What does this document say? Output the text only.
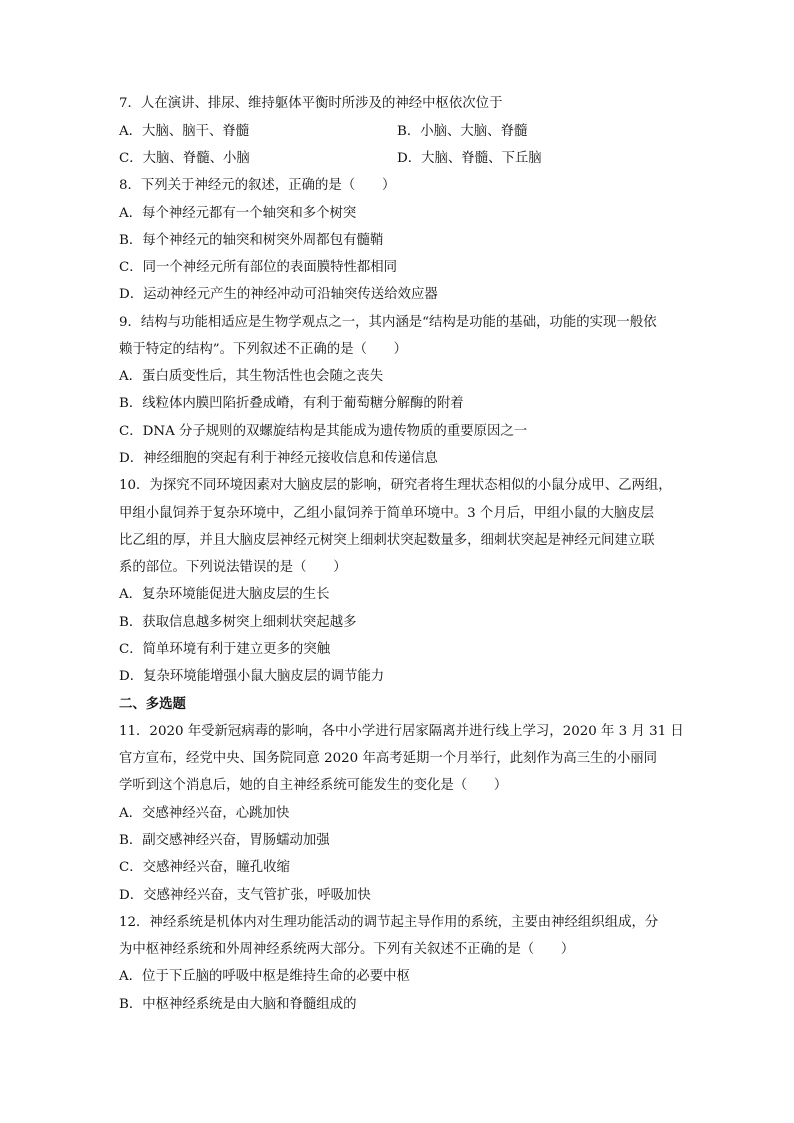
7．人在演讲、排尿、维持躯体平衡时所涉及的神经中枢依次位于
A．大脑、脑干、脊髓	B．小脑、大脑、脊髓
C．大脑、脊髓、小脑	D．大脑、脊髓、下丘脑
8．下列关于神经元的叙述，正确的是（　　）
A．每个神经元都有一个轴突和多个树突
B．每个神经元的轴突和树突外周都包有髓鞘
C．同一个神经元所有部位的表面膜特性都相同
D．运动神经元产生的神经冲动可沿轴突传送给效应器
9．结构与功能相适应是生物学观点之一，其内涵是“结构是功能的基础，功能的实现一般依
赖于特定的结构”。下列叙述不正确的是（　　）
A．蛋白质变性后，其生物活性也会随之丧失
B．线粒体内膜凹陷折叠成嵴，有利于葡萄糖分解酶的附着
C．DNA 分子规则的双螺旋结构是其能成为遗传物质的重要原因之一
D．神经细胞的突起有利于神经元接收信息和传递信息
10．为探究不同环境因素对大脑皮层的影响，研究者将生理状态相似的小鼠分成甲、乙两组，
甲组小鼠饲养于复杂环境中，乙组小鼠饲养于简单环境中。3 个月后，甲组小鼠的大脑皮层
比乙组的厚，并且大脑皮层神经元树突上细刺状突起数量多，细刺状突起是神经元间建立联
系的部位。下列说法错误的是（　　）
A．复杂环境能促进大脑皮层的生长
B．获取信息越多树突上细刺状突起越多
C．简单环境有利于建立更多的突触
D．复杂环境能增强小鼠大脑皮层的调节能力
二、多选题
11．2020 年受新冠病毒的影响，各中小学进行居家隔离并进行线上学习，2020 年 3 月 31 日
官方宣布，经党中央、国务院同意 2020 年高考延期一个月举行，此刻作为高三生的小丽同
学听到这个消息后，她的自主神经系统可能发生的变化是（　　）
A．交感神经兴奋，心跳加快
B．副交感神经兴奋，胃肠蠕动加强
C．交感神经兴奋，瞳孔收缩
D．交感神经兴奋，支气管扩张，呼吸加快
12．神经系统是机体内对生理功能活动的调节起主导作用的系统，主要由神经组织组成，分
为中枢神经系统和外周神经系统两大部分。下列有关叙述不正确的是（　　）
A．位于下丘脑的呼吸中枢是维持生命的必要中枢
B．中枢神经系统是由大脑和脊髓组成的
